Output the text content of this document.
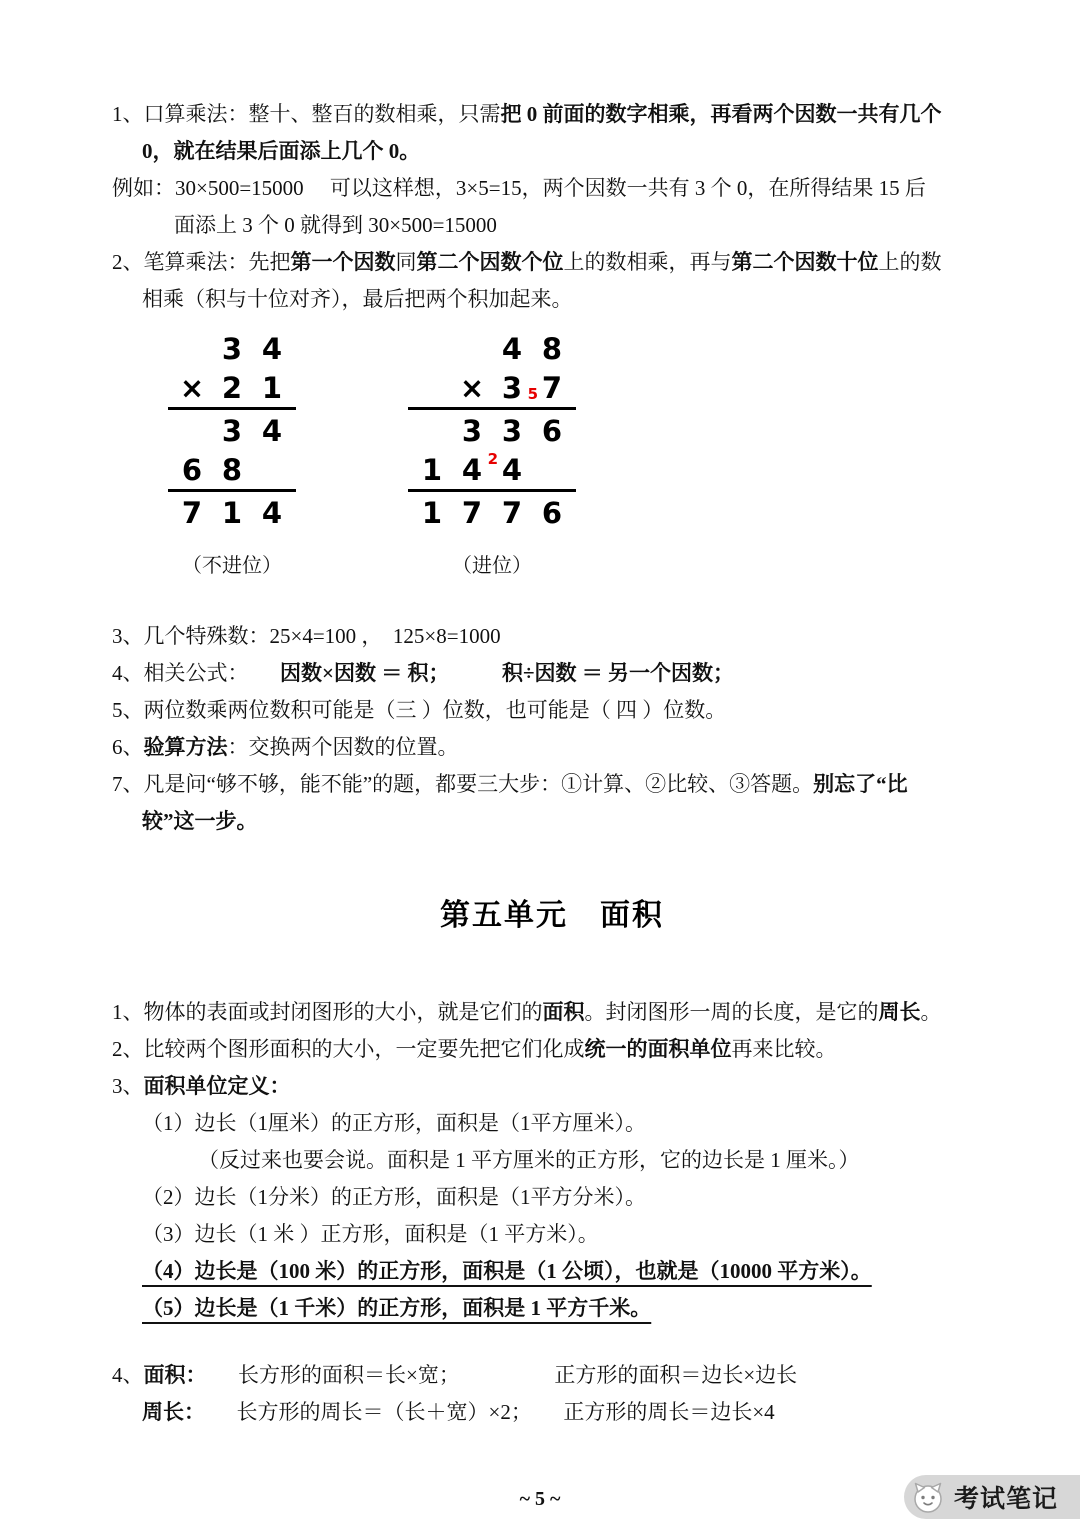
1、口算乘法：整十、整百的数相乘，只需把 0 前面的数字相乘，再看两个因数一共有几个
0，就在结果后面添上几个 0。
例如：30×500=15000　 可以这样想，3×5=15，两个因数一共有 3 个 0，在所得结果 15 后
面添上 3 个 0 就得到 30×500=15000
2、笔算乘法：先把第一个因数同第二个因数个位上的数相乘，再与第二个因数十位上的数
相乘（积与十位对齐），最后把两个积加起来。
3 4
× 2 1
3 4
6 8
7 1 4
（不进位）
4 8
× 3 5 7
3 3 6
1 4 2 4
1 7 7 6
（进位）
3、几个特殊数：25×4=100 ，　125×8=1000
4、相关公式：　　因数×因数 ＝ 积；　　　	积÷因数 ＝ 另一个因数；
5、两位数乘两位数积可能是（三 ）位数，也可能是（ 四 ）位数。
6、验算方法：交换两个因数的位置。
7、凡是问“够不够，能不能”的题，都要三大步：①计算、②比较、③答题。别忘了“比
较”这一步。
第五单元　面积
1、物体的表面或封闭图形的大小，就是它们的面积。封闭图形一周的长度，是它的周长。
2、比较两个图形面积的大小，一定要先把它们化成统一的面积单位再来比较。
3、面积单位定义：
（1）边长（1厘米）的正方形，面积是（1平方厘米）。
（反过来也要会说。面积是 1 平方厘米的正方形，它的边长是 1 厘米。）
（2）边长（1分米）的正方形，面积是（1平方分米）。
（3）边长（1 米 ）正方形，面积是（1 平方米）。
（4）边长是（100 米）的正方形，面积是（1 公顷），也就是（10000 平方米）。
（5）边长是（1 千米）的正方形，面积是 1 平方千米。
4、面积：　　长方形的面积＝长×宽；　　　　　正方形的面积＝边长×边长
周长：　　长方形的周长＝（长＋宽）×2；　　正方形的周长＝边长×4
~ 5 ~	考试笔记
